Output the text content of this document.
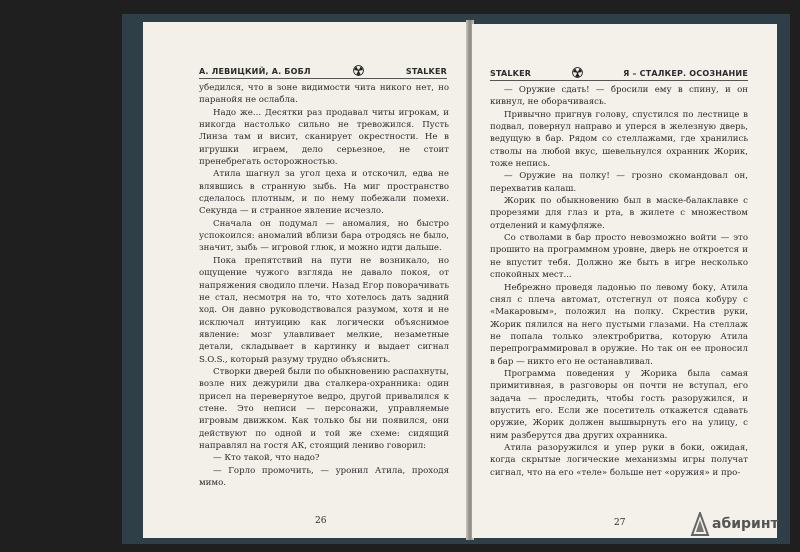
А. ЛЕВИЦКИЙ, А. БОБЛ	STALKER

убедился, что в зоне видимости чита никого нет, но паранойя не ослабла.

Надо же... Десятки раз продавал читы игрокам, и никогда настолько сильно не тревожился. Пусть Линза там и висит, сканирует окрестности. Не в игрушки играем, дело серьезное, не стоит пренебрегать осторожностью.

Атила шагнул за угол цеха и отскочил, едва не влявшись в странную зыбь. На миг пространство сделалось плотным, и по нему побежали помехи. Секунда — и странное явление исчезло.

Сначала он подумал — аномалия, но быстро успокоился: аномалий вблизи бара отродясь не было, значит, зыбь — игровой глюк, и можно идти дальше.

Пока препятствий на пути не возникало, но ощущение чужого взгляда не давало покоя, от напряжения сводило плечи. Назад Егор поворачивать не стал, несмотря на то, что хотелось дать задний ход. Он давно руководствовался разумом, хотя и не исключал интуицию как логически объяснимое явление: мозг улавливает мелкие, незаметные детали, складывает в картинку и выдает сигнал S.O.S., который разуму трудно объяснить.

Створки дверей были по обыкновению распахнуты, возле них дежурили два сталкера-охранника: один присел на перевернутое ведро, другой привалился к стене. Это неписи — персонажи, управляемые игровым движком. Как только бы ни появился, они действуют по одной и той же схеме: сидящий направлял на гостя АК, стоящий лениво говорил:

— Кто такой, что надо?

— Горло промочить, — уронил Атила, проходя мимо.

26
STALKER	Я – СТАЛКЕР. ОСОЗНАНИЕ

— Оружие сдать! — бросили ему в спину, и он кивнул, не оборачиваясь.

Привычно пригнув голову, спустился по лестнице в подвал, повернул направо и уперся в железную дверь, ведущую в бар. Рядом со стеллажами, где хранились стволы на любой вкус, шевельнулся охранник Жорик, тоже непись.

— Оружие на полку! — грозно скомандовал он, перехватив калаш.

Жорик по обыкновению был в маске-балаклавке с прорезями для глаз и рта, в жилете с множеством отделений и камуфляже.

Со стволами в бар просто невозможно войти — это прошито на программном уровне, дверь не откроется и не впустит тебя. Должно же быть в игре несколько спокойных мест...

Небрежно проведя ладонью по левому боку, Атила снял с плеча автомат, отстегнул от пояса кобуру с «Макаровым», положил на полку. Скрестив руки, Жорик пялился на него пустыми глазами. На стеллаж не попала только электробритва, которую Атила перепрограммировал в оружие. Но так он ее проносил в бар — никто его не останавливал.

Программа поведения у Жорика была самая примитивная, в разговоры он почти не вступал, его задача — проследить, чтобы гость разоружился, и впустить его. Если же посетитель откажется сдавать оружие, Жорик должен вышвырнуть его на улицу, с ним разберутся два других охранника.

Атила разоружился и упер руки в боки, ожидая, когда скрытые логические механизмы игры получат сигнал, что на его «теле» больше нет «оружия» и про-

27	абиринт
